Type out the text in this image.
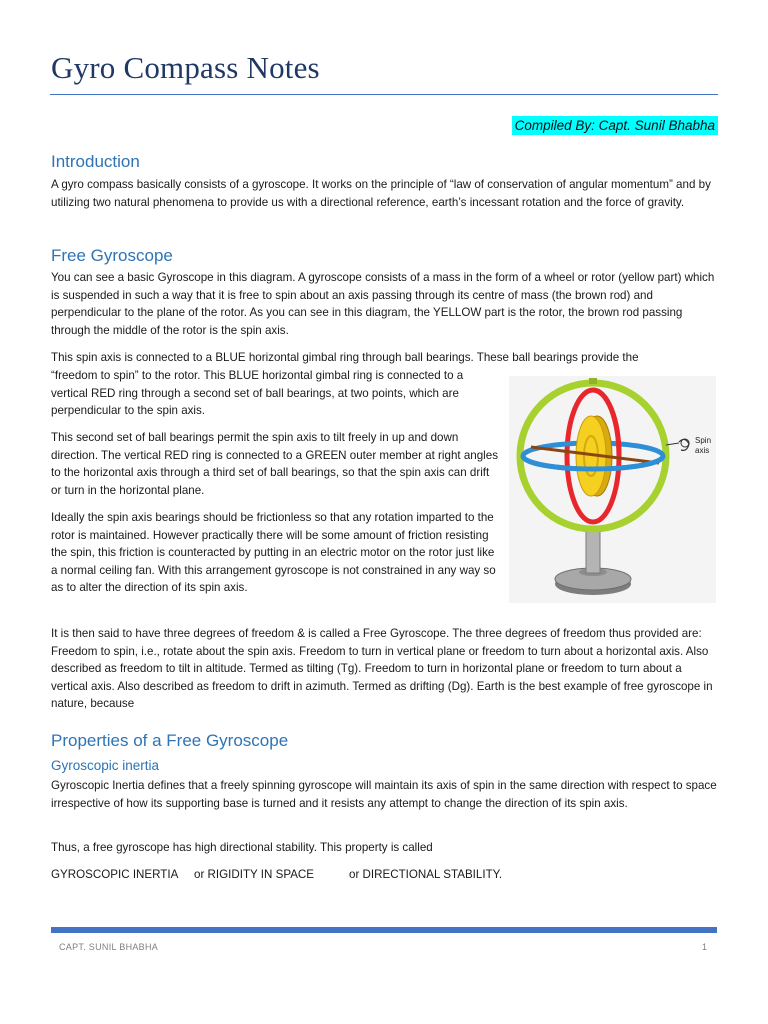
Gyro Compass Notes
Compiled By: Capt. Sunil Bhabha
Introduction

A gyro compass basically consists of a gyroscope. It works on the principle of “law of conservation of angular momentum” and by utilizing two natural phenomena to provide us with a directional reference, earth’s incessant rotation and the force of gravity.

Free Gyroscope

You can see a basic Gyroscope in this diagram. A gyroscope consists of a mass in the form of a wheel or rotor (yellow part) which is suspended in such a way that it is free to spin about an axis passing through its centre of mass (the brown rod) and perpendicular to the plane of the rotor. As you can see in this diagram, the YELLOW part is the rotor, the brown rod passing through the middle of the rotor is the spin axis.

This spin axis is connected to a BLUE horizontal gimbal ring through ball bearings. These ball bearings provide the

“freedom to spin” to the rotor. This BLUE horizontal gimbal ring is connected to a vertical RED ring through a second set of ball bearings, at two points, which are perpendicular to the spin axis.

This second set of ball bearings permit the spin axis to tilt freely in up and down direction. The vertical RED ring is connected to a GREEN outer member at right angles to the horizontal axis through a third set of ball bearings, so that the spin axis can drift or turn in the horizontal plane.

Ideally the spin axis bearings should be frictionless so that any rotation imparted to the rotor is maintained. However practically there will be some amount of friction resisting the spin, this friction is counteracted by putting in an electric motor on the rotor just like a normal ceiling fan. With this arrangement gyroscope is not constrained in any way so as to alter the direction of its spin axis.

It is then said to have three degrees of freedom & is called a Free Gyroscope. The three degrees of freedom thus provided are: Freedom to spin, i.e., rotate about the spin axis. Freedom to turn in vertical plane or freedom to turn about a horizontal axis. Also described as freedom to tilt in altitude. Termed as tilting (Tg). Freedom to turn in horizontal plane or freedom to turn about a vertical axis. Also described as freedom to drift in azimuth. Termed as drifting (Dg). Earth is the best example of free gyroscope in nature, because

Spin
axis
Properties of a Free Gyroscope
Gyroscopic inertia

Gyroscopic Inertia defines that a freely spinning gyroscope will maintain its axis of spin in the same direction with respect to space irrespective of how its supporting base is turned and it resists any attempt to change the direction of its spin axis.

Thus, a free gyroscope has high directional stability. This property is called

GYROSCOPIC INERTIA or RIGIDITY IN SPACE	or DIRECTIONAL STABILITY.
CAPT. SUNIL BHABHA	1
